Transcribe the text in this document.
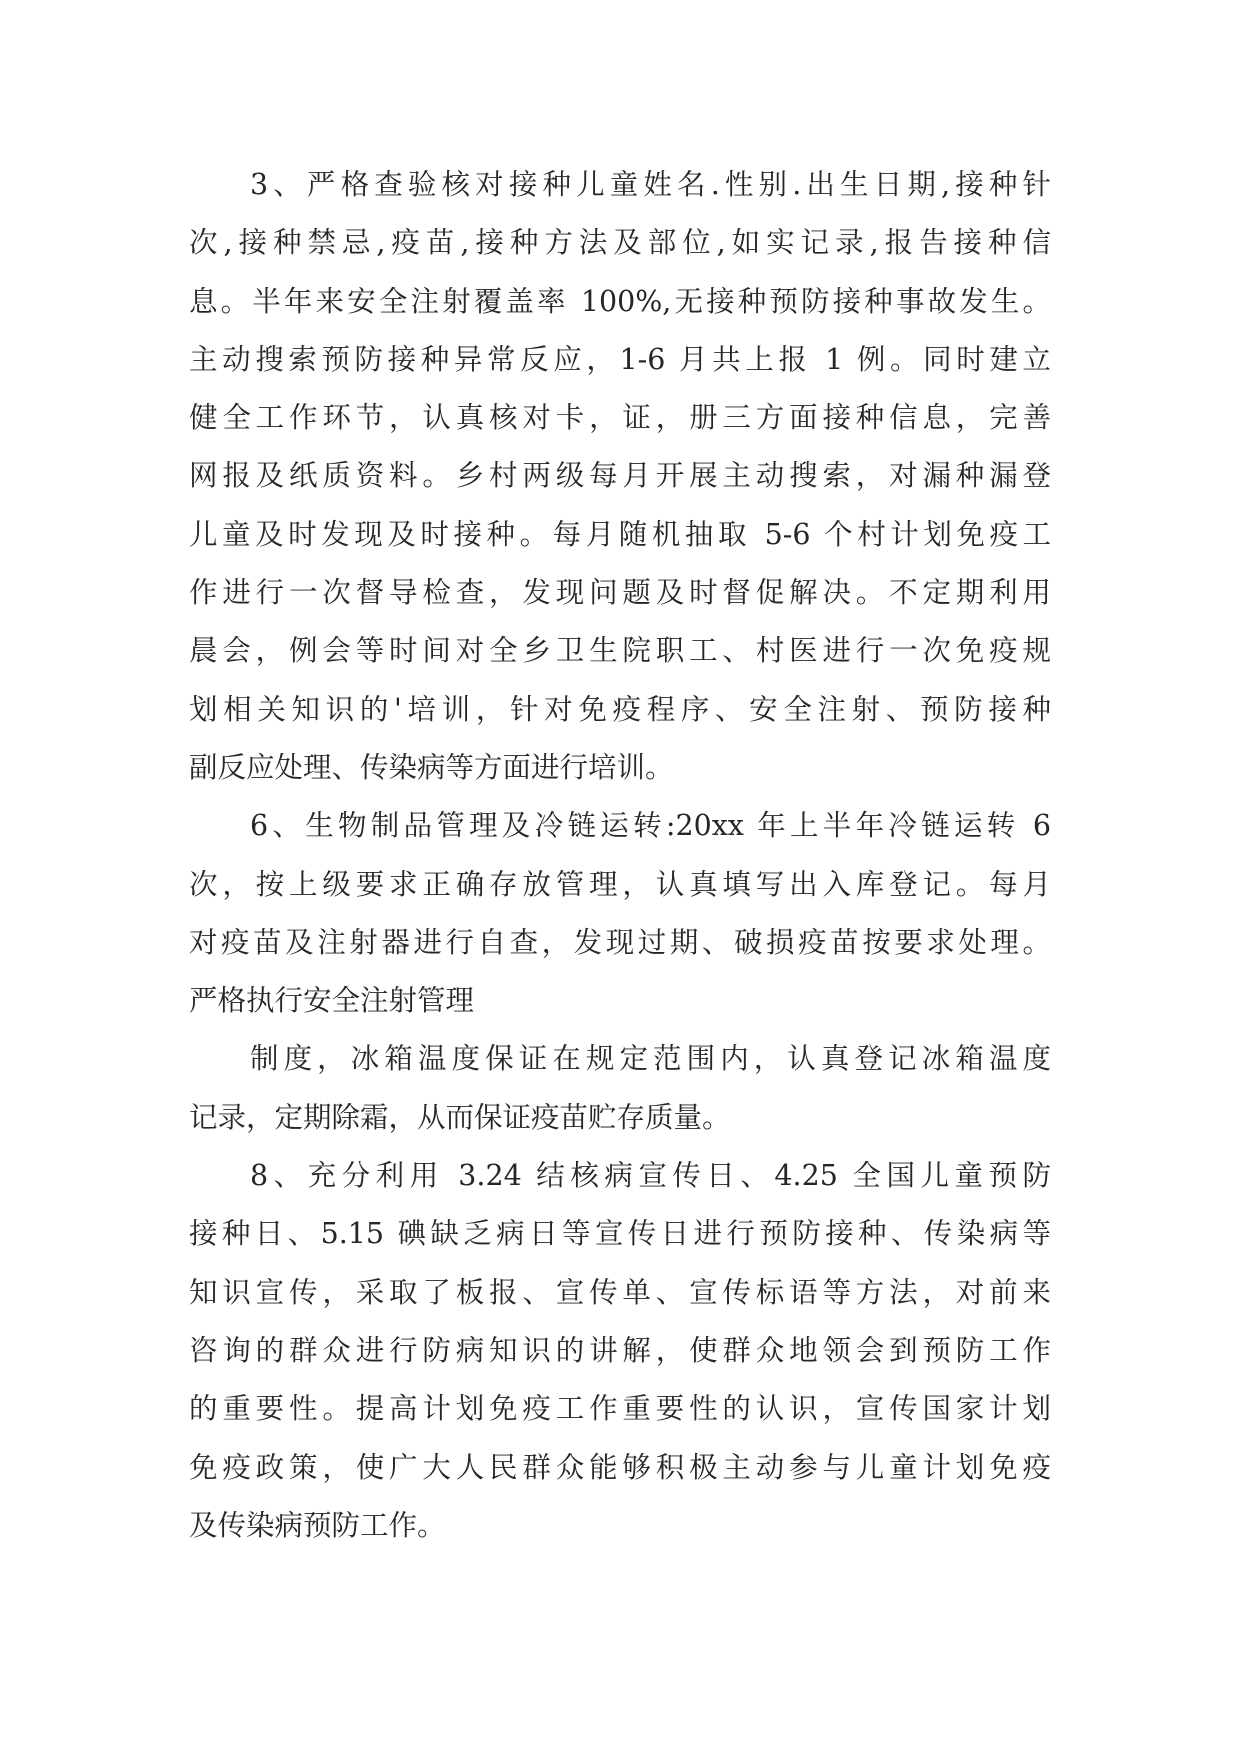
3、严格查验核对接种儿童姓名.性别.出生日期,接种针
次,接种禁忌,疫苗,接种方法及部位,如实记录,报告接种信
息。半年来安全注射覆盖率 100%,无接种预防接种事故发生。
主动搜索预防接种异常反应，1-6 月共上报 1 例。同时建立
健全工作环节，认真核对卡，证，册三方面接种信息，完善
网报及纸质资料。乡村两级每月开展主动搜索，对漏种漏登
儿童及时发现及时接种。每月随机抽取 5-6 个村计划免疫工
作进行一次督导检查，发现问题及时督促解决。不定期利用
晨会，例会等时间对全乡卫生院职工、村医进行一次免疫规
划相关知识的'培训，针对免疫程序、安全注射、预防接种
副反应处理、传染病等方面进行培训。
6、生物制品管理及冷链运转:20xx 年上半年冷链运转 6
次，按上级要求正确存放管理，认真填写出入库登记。每月
对疫苗及注射器进行自查，发现过期、破损疫苗按要求处理。
严格执行安全注射管理
制度，冰箱温度保证在规定范围内，认真登记冰箱温度
记录，定期除霜，从而保证疫苗贮存质量。
8、充分利用 3.24 结核病宣传日、4.25 全国儿童预防
接种日、5.15 碘缺乏病日等宣传日进行预防接种、传染病等
知识宣传，采取了板报、宣传单、宣传标语等方法，对前来
咨询的群众进行防病知识的讲解，使群众地领会到预防工作
的重要性。提高计划免疫工作重要性的认识，宣传国家计划
免疫政策，使广大人民群众能够积极主动参与儿童计划免疫
及传染病预防工作。
